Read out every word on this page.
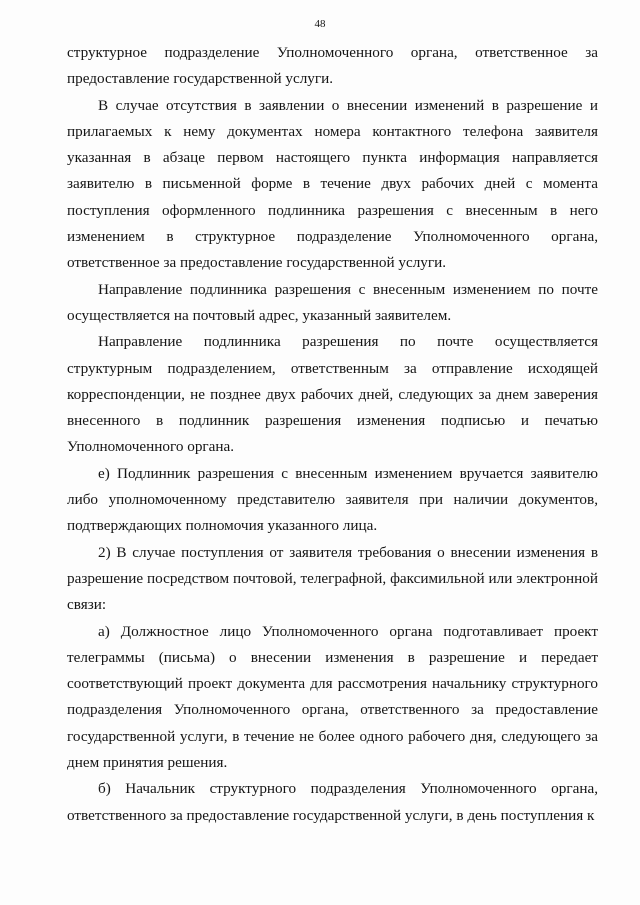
48

структурное подразделение Уполномоченного органа, ответственное за предоставление государственной услуги.

В случае отсутствия в заявлении о внесении изменений в разрешение и прилагаемых к нему документах номера контактного телефона заявителя указанная в абзаце первом настоящего пункта информация направляется заявителю в письменной форме в течение двух рабочих дней с момента поступления оформленного подлинника разрешения с внесенным в него изменением в структурное подразделение Уполномоченного органа, ответственное за предоставление государственной услуги.

Направление подлинника разрешения с внесенным изменением по почте осуществляется на почтовый адрес, указанный заявителем.

Направление подлинника разрешения по почте осуществляется структурным подразделением, ответственным за отправление исходящей корреспонденции, не позднее двух рабочих дней, следующих за днем заверения внесенного в подлинник разрешения изменения подписью и печатью Уполномоченного органа.

е) Подлинник разрешения с внесенным изменением вручается заявителю либо уполномоченному представителю заявителя при наличии документов, подтверждающих полномочия указанного лица.

2) В случае поступления от заявителя требования о внесении изменения в разрешение посредством почтовой, телеграфной, факсимильной или электронной связи:

а) Должностное лицо Уполномоченного органа подготавливает проект телеграммы (письма) о внесении изменения в разрешение и передает соответствующий проект документа для рассмотрения начальнику структурного подразделения Уполномоченного органа, ответственного за предоставление государственной услуги, в течение не более одного рабочего дня, следующего за днем принятия решения.

б) Начальник структурного подразделения Уполномоченного органа, ответственного за предоставление государственной услуги, в день поступления к
